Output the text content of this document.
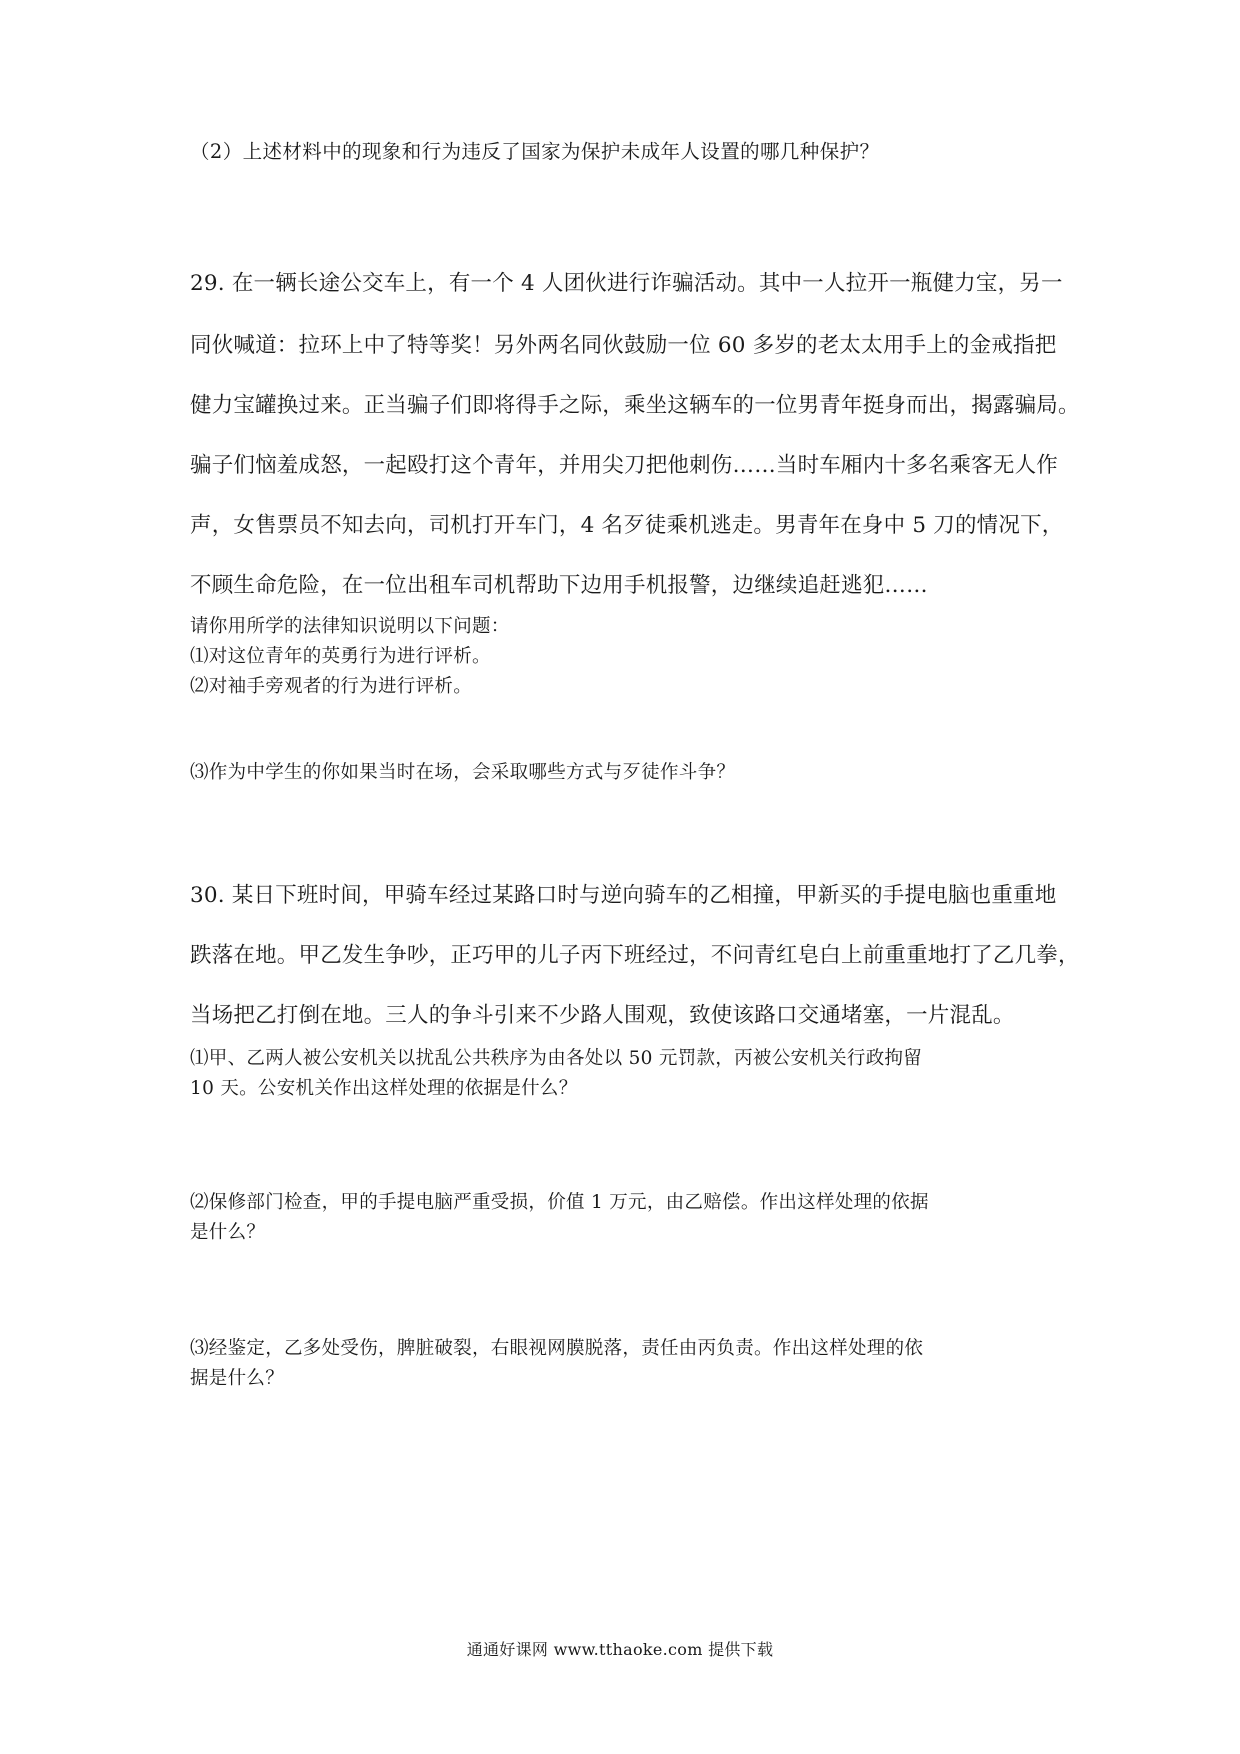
（2）上述材料中的现象和行为违反了国家为保护未成年人设置的哪几种保护？

29. 在一辆长途公交车上，有一个 4 人团伙进行诈骗活动。其中一人拉开一瓶健力宝，另一

同伙喊道：拉环上中了特等奖！另外两名同伙鼓励一位 60 多岁的老太太用手上的金戒指把

健力宝罐换过来。正当骗子们即将得手之际，乘坐这辆车的一位男青年挺身而出，揭露骗局。

骗子们恼羞成怒，一起殴打这个青年，并用尖刀把他刺伤……当时车厢内十多名乘客无人作

声，女售票员不知去向，司机打开车门，4 名歹徒乘机逃走。男青年在身中 5 刀的情况下，

不顾生命危险，在一位出租车司机帮助下边用手机报警，边继续追赶逃犯……

请你用所学的法律知识说明以下问题：

⑴对这位青年的英勇行为进行评析。

⑵对袖手旁观者的行为进行评析。

⑶作为中学生的你如果当时在场，会采取哪些方式与歹徒作斗争？

30. 某日下班时间，甲骑车经过某路口时与逆向骑车的乙相撞，甲新买的手提电脑也重重地

跌落在地。甲乙发生争吵，正巧甲的儿子丙下班经过，不问青红皂白上前重重地打了乙几拳，

当场把乙打倒在地。三人的争斗引来不少路人围观，致使该路口交通堵塞，一片混乱。

⑴甲、乙两人被公安机关以扰乱公共秩序为由各处以 50 元罚款，丙被公安机关行政拘留

10 天。公安机关作出这样处理的依据是什么？

⑵保修部门检查，甲的手提电脑严重受损，价值 1 万元，由乙赔偿。作出这样处理的依据

是什么？

⑶经鉴定，乙多处受伤，脾脏破裂，右眼视网膜脱落，责任由丙负责。作出这样处理的依

据是什么？

通通好课网 www.tthaoke.com 提供下载
